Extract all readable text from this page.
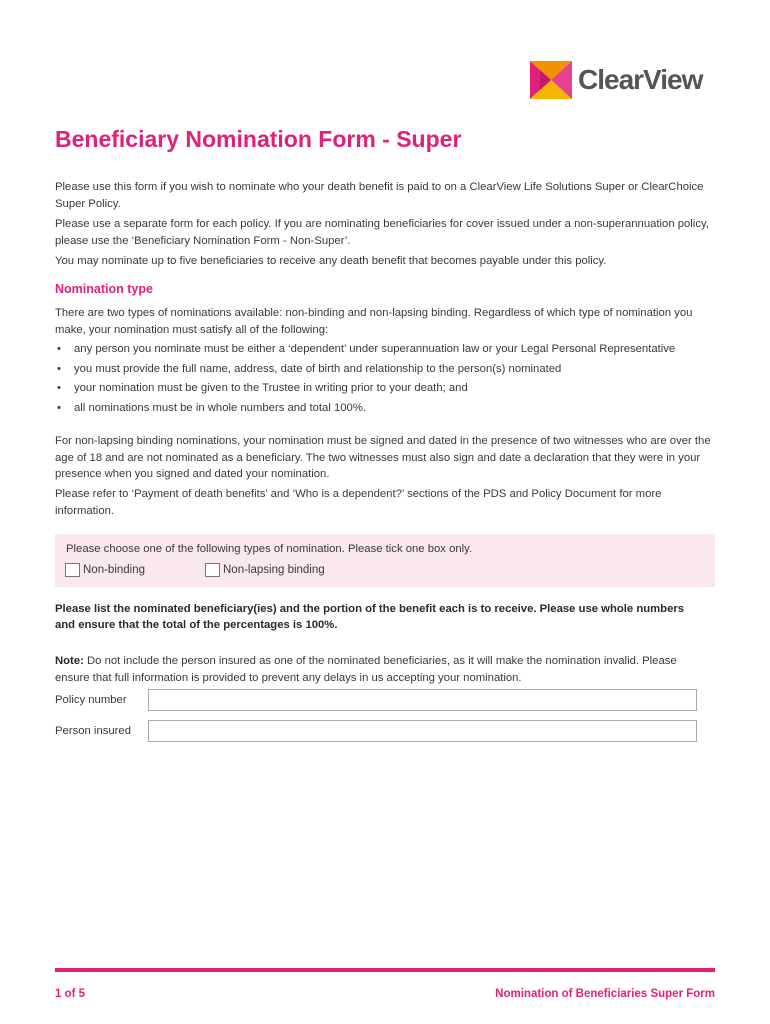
ClearView
Beneficiary Nomination Form - Super

Please use this form if you wish to nominate who your death benefit is paid to on a ClearView Life Solutions Super or ClearChoice Super Policy.

Please use a separate form for each policy. If you are nominating beneficiaries for cover issued under a non-superannuation policy, please use the ‘Beneficiary Nomination Form - Non-Super’.

You may nominate up to five beneficiaries to receive any death benefit that becomes payable under this policy.

Nomination type

There are two types of nominations available: non-binding and non-lapsing binding. Regardless of which type of nomination you make, your nomination must satisfy all of the following:

• any person you nominate must be either a ‘dependent’ under superannuation law or your Legal Personal Representative
• you must provide the full name, address, date of birth and relationship to the person(s) nominated
• your nomination must be given to the Trustee in writing prior to your death; and
• all nominations must be in whole numbers and total 100%.

For non-lapsing binding nominations, your nomination must be signed and dated in the presence of two witnesses who are over the age of 18 and are not nominated as a beneficiary. The two witnesses must also sign and date a declaration that they were in your presence when you signed and dated your nomination.

Please refer to ‘Payment of death benefits’ and ‘Who is a dependent?’ sections of the PDS and Policy Document for more information.

Please choose one of the following types of nomination. Please tick one box only.
Non-binding	Non-lapsing binding
Please list the nominated beneficiary(ies) and the portion of the benefit each is to receive. Please use whole numbers
and ensure that the total of the percentages is 100%.

Note: Do not include the person insured as one of the nominated beneficiaries, as it will make the nomination invalid. Please ensure that full information is provided to prevent any delays in us accepting your nomination.

Policy number
Person insured
1 of 5	Nomination of Beneficiaries Super Form
